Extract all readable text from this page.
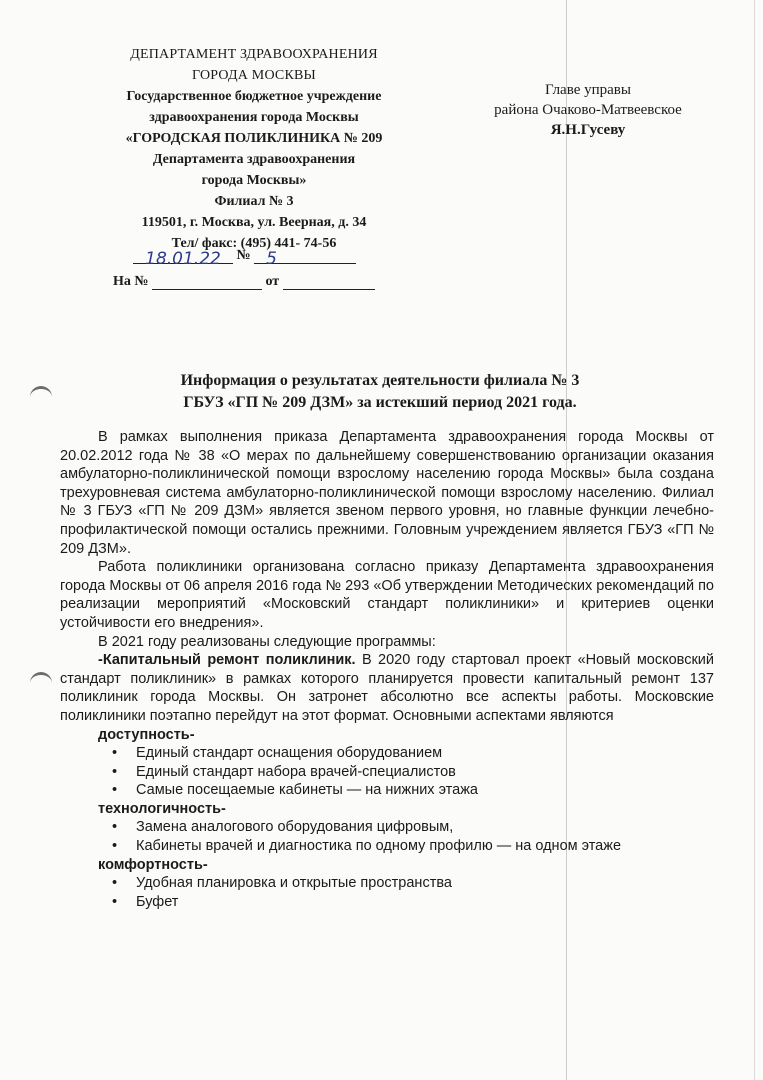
ДЕПАРТАМЕНТ ЗДРАВООХРАНЕНИЯ
ГОРОДА МОСКВЫ
Государственное бюджетное учреждение
здравоохранения города Москвы
«ГОРОДСКАЯ ПОЛИКЛИНИКА № 209
Департамента здравоохранения
города Москвы»
Филиал № 3
119501, г. Москва, ул. Веерная, д. 34
Тел/ факс: (495) 441- 74-56
18.01.22 № 5
На №	от
Главе управы
района Очаково-Матвеевское
Я.Н.Гусеву
Информация о результатах деятельности филиала № 3
ГБУЗ «ГП № 209 ДЗМ» за истекший период 2021 года.

В рамках выполнения приказа Департамента здравоохранения города Москвы от 20.02.2012 года № 38 «О мерах по дальнейшему совершенствованию организации оказания амбулаторно-поликлинической помощи взрослому населению города Москвы» была создана трехуровневая система амбулаторно-поликлинической помощи взрослому населению. Филиал № 3 ГБУЗ «ГП № 209 ДЗМ» является звеном первого уровня, но главные функции лечебно-профилактической помощи остались прежними. Головным учреждением является ГБУЗ «ГП № 209 ДЗМ».

Работа поликлиники организована согласно приказу Департамента здравоохранения города Москвы от 06 апреля 2016 года № 293 «Об утверждении Методических рекомендаций по реализации мероприятий «Московский стандарт поликлиники» и критериев оценки устойчивости его внедрения».

В 2021 году реализованы следующие программы:

-Капитальный ремонт поликлиник. В 2020 году стартовал проект «Новый московский стандарт поликлиник» в рамках которого планируется провести капитальный ремонт 137 поликлиник города Москвы. Он затронет абсолютно все аспекты работы. Московские поликлиники поэтапно перейдут на этот формат. Основными аспектами являются

доступность-
• Единый стандарт оснащения оборудованием
• Единый стандарт набора врачей-специалистов
• Самые посещаемые кабинеты — на нижних этажа
технологичность-
• Замена аналогового оборудования цифровым,
• Кабинеты врачей и диагностика по одному профилю — на одном этаже
комфортность-
• Удобная планировка и открытые пространства
• Буфет
